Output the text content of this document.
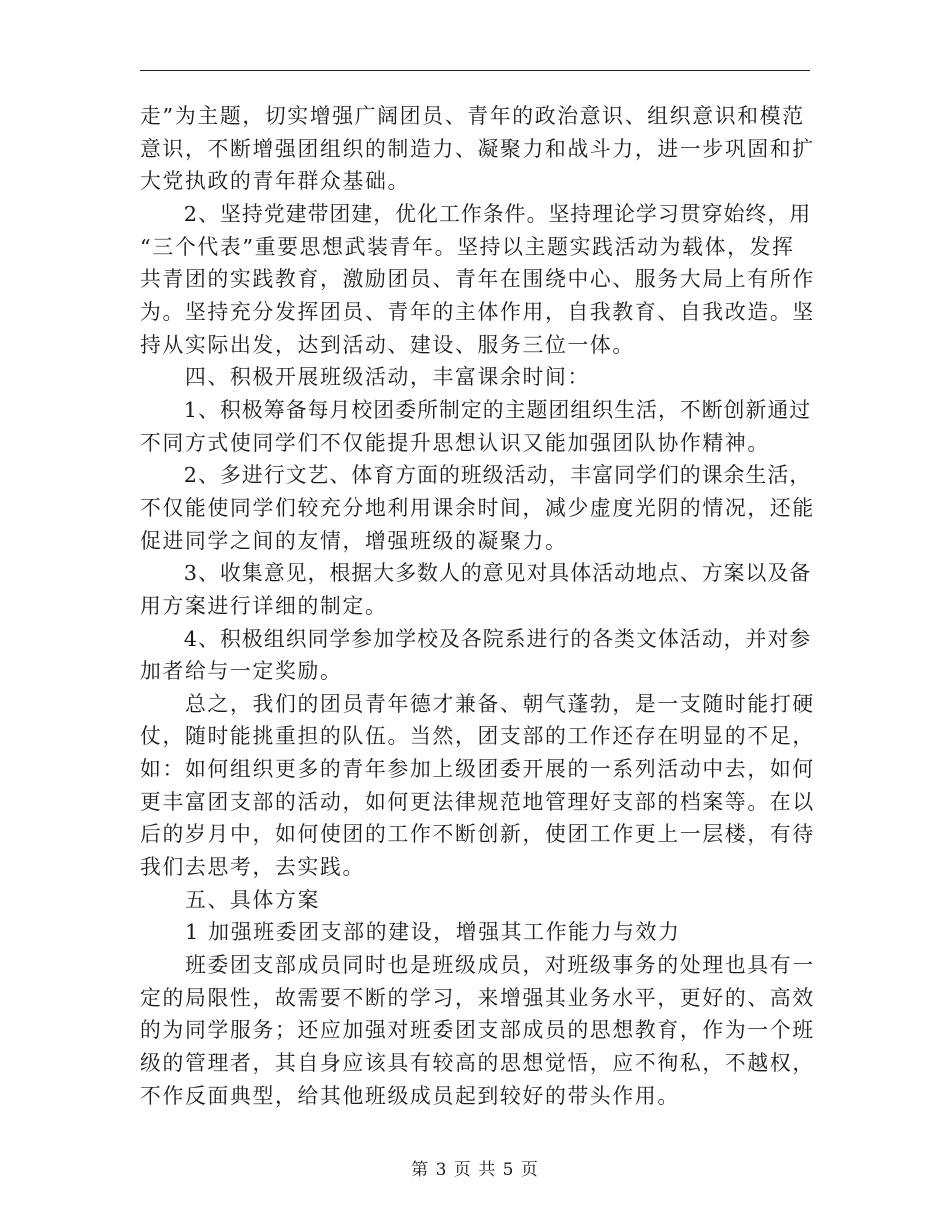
走”为主题，切实增强广阔团员、青年的政治意识、组织意识和模范
意识，不断增强团组织的制造力、凝聚力和战斗力，进一步巩固和扩
大党执政的青年群众基础。
　　2、坚持党建带团建，优化工作条件。坚持理论学习贯穿始终，用
“三个代表”重要思想武装青年。坚持以主题实践活动为载体，发挥
共青团的实践教育，激励团员、青年在围绕中心、服务大局上有所作
为。坚持充分发挥团员、青年的主体作用，自我教育、自我改造。坚
持从实际出发，达到活动、建设、服务三位一体。
　　四、积极开展班级活动，丰富课余时间：
　　1、积极筹备每月校团委所制定的主题团组织生活，不断创新通过
不同方式使同学们不仅能提升思想认识又能加强团队协作精神。
　　2、多进行文艺、体育方面的班级活动，丰富同学们的课余生活，
不仅能使同学们较充分地利用课余时间，减少虚度光阴的情况，还能
促进同学之间的友情，增强班级的凝聚力。
　　3、收集意见，根据大多数人的意见对具体活动地点、方案以及备
用方案进行详细的制定。
　　4、积极组织同学参加学校及各院系进行的各类文体活动，并对参
加者给与一定奖励。
　　总之，我们的团员青年德才兼备、朝气蓬勃，是一支随时能打硬
仗，随时能挑重担的队伍。当然，团支部的工作还存在明显的不足，
如：如何组织更多的青年参加上级团委开展的一系列活动中去，如何
更丰富团支部的活动，如何更法律规范地管理好支部的档案等。在以
后的岁月中，如何使团的工作不断创新，使团工作更上一层楼，有待
我们去思考，去实践。
　　五、具体方案
　　1 加强班委团支部的建设，增强其工作能力与效力
　　班委团支部成员同时也是班级成员，对班级事务的处理也具有一
定的局限性，故需要不断的学习，来增强其业务水平，更好的、高效
的为同学服务；还应加强对班委团支部成员的思想教育，作为一个班
级的管理者，其自身应该具有较高的思想觉悟，应不徇私，不越权，
不作反面典型，给其他班级成员起到较好的带头作用。
第 3 页 共 5 页
